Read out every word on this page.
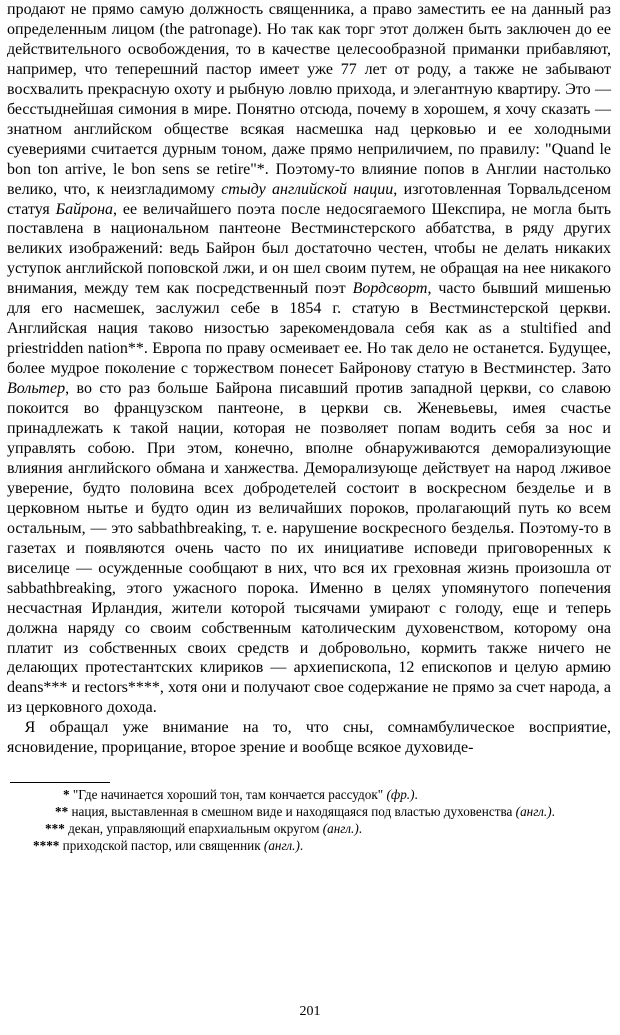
продают не прямо самую должность священника, а право заместить ее на данный раз определенным лицом (the patronage). Но так как торг этот должен быть заключен до ее действительного освобождения, то в качестве целесообразной приманки прибавляют, например, что теперешний пастор имеет уже 77 лет от роду, а также не забывают восхвалить прекрасную охоту и рыбную ловлю прихода, и элегантную квартиру. Это — бесстыднейшая симония в мире. Понятно отсюда, почему в хорошем, я хочу сказать — знатном английском обществе всякая насмешка над церковью и ее холодными суевериями считается дурным тоном, даже прямо неприличием, по правилу: "Quand le bon ton arrive, le bon sens se retire"*. Поэтому-то влияние попов в Англии настолько велико, что, к неизгладимому стыду английской нации, изготовленная Торвальдсеном статуя Байрона, ее величайшего поэта после недосягаемого Шекспира, не могла быть поставлена в национальном пантеоне Вестминстерского аббатства, в ряду других великих изображений: ведь Байрон был достаточно честен, чтобы не делать никаких уступок английской поповской лжи, и он шел своим путем, не обращая на нее никакого внимания, между тем как посредственный поэт Вордсворт, часто бывший мишенью для его насмешек, заслужил себе в 1854 г. статую в Вестминстерской церкви. Английская нация таково низостью зарекомендовала себя как as a stultified and priestridden nation**. Европа по праву осмеивает ее. Но так дело не останется. Будущее, более мудрое поколение с торжеством понесет Байронову статую в Вестминстер. Зато Вольтер, во сто раз больше Байрона писавший против западной церкви, со славою покоится во французском пантеоне, в церкви св. Женевьевы, имея счастье принадлежать к такой нации, которая не позволяет попам водить себя за нос и управлять собою. При этом, конечно, вполне обнаруживаются деморализующие влияния английского обмана и ханжества. Деморализующе действует на народ лживое уверение, будто половина всех добродетелей состоит в воскресном безделье и в церковном нытье и будто один из величайших пороков, пролагающий путь ко всем остальным, — это sabbathbreaking, т. е. нарушение воскресного безделья. Поэтому-то в газетах и появляются очень часто по их инициативе исповеди приговоренных к виселице — осужденные сообщают в них, что вся их греховная жизнь произошла от sabbathbreaking, этого ужасного порока. Именно в целях упомянутого попечения несчастная Ирландия, жители которой тысячами умирают с голоду, еще и теперь должна наряду со своим собственным католическим духовенством, которому она платит из собственных своих средств и добровольно, кормить также ничего не делающих протестантских клириков — архиепископа, 12 епископов и целую армию deans*** и rectors****, хотя они и получают свое содержание не прямо за счет народа, а из церковного дохода.

Я обращал уже внимание на то, что сны, сомнамбулическое восприятие, ясновидение, прорицание, второе зрение и вообще всякое духовиде-

* "Где начинается хороший тон, там кончается рассудок" (фр.).

** нация, выставленная в смешном виде и находящаяся под властью духовенства (англ.).

*** декан, управляющий епархиальным округом (англ.).

**** приходской пастор, или священник (англ.).

201
